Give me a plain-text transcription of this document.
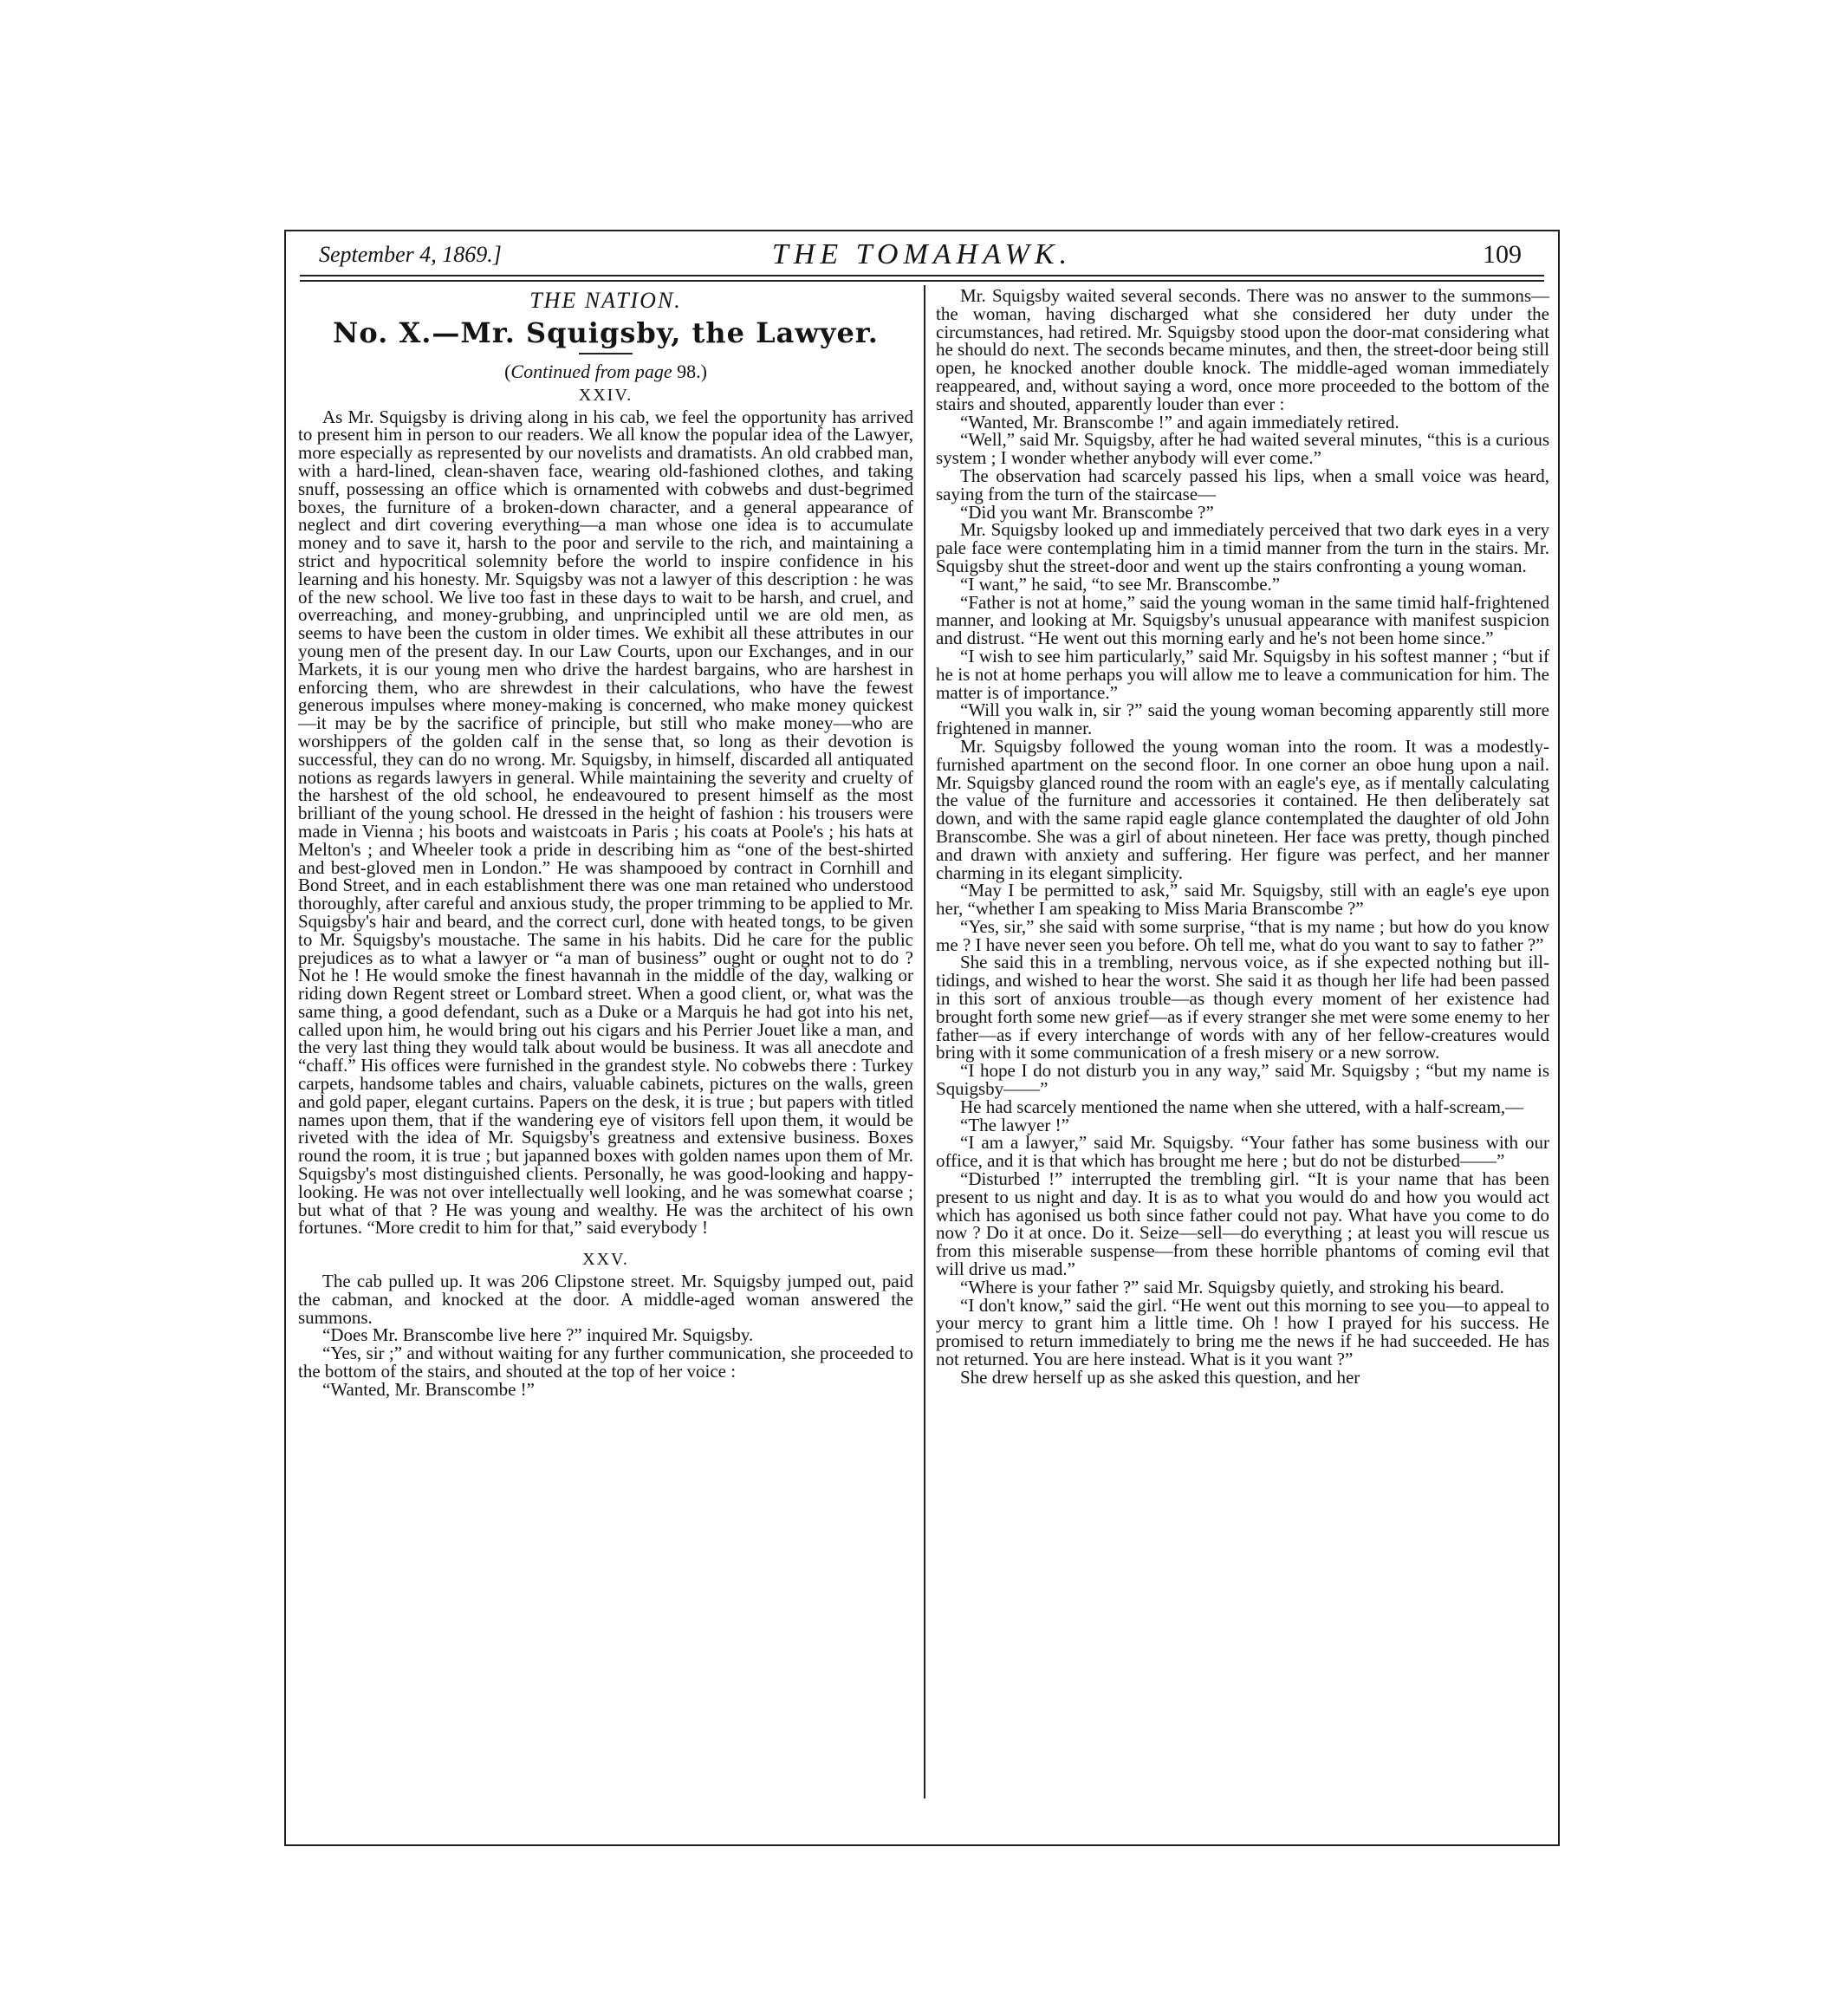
September 4, 1869.]	THE TOMAHAWK.	109
THE NATION.
No. X.—Mr. Squigsby, the Lawyer.
(Continued from page 98.)
XXIV.

As Mr. Squigsby is driving along in his cab, we feel the opportunity has arrived to present him in person to our readers. We all know the popular idea of the Lawyer, more especially as represented by our novelists and dramatists. An old crabbed man, with a hard-lined, clean-shaven face, wearing old-fashioned clothes, and taking snuff, possessing an office which is ornamented with cobwebs and dust-begrimed boxes, the furniture of a broken-down character, and a general appearance of neglect and dirt covering everything—a man whose one idea is to accumulate money and to save it, harsh to the poor and servile to the rich, and maintaining a strict and hypocritical solemnity before the world to inspire confidence in his learning and his honesty. Mr. Squigsby was not a lawyer of this description : he was of the new school. We live too fast in these days to wait to be harsh, and cruel, and overreaching, and money-grubbing, and unprincipled until we are old men, as seems to have been the custom in older times. We exhibit all these attributes in our young men of the present day. In our Law Courts, upon our Exchanges, and in our Markets, it is our young men who drive the hardest bargains, who are harshest in enforcing them, who are shrewdest in their calculations, who have the fewest generous impulses where money-making is concerned, who make money quickest—it may be by the sacrifice of principle, but still who make money—who are worshippers of the golden calf in the sense that, so long as their devotion is successful, they can do no wrong. Mr. Squigsby, in himself, discarded all antiquated notions as regards lawyers in general. While maintaining the severity and cruelty of the harshest of the old school, he endeavoured to present himself as the most brilliant of the young school. He dressed in the height of fashion : his trousers were made in Vienna ; his boots and waistcoats in Paris ; his coats at Poole's ; his hats at Melton's ; and Wheeler took a pride in describing him as “one of the best-shirted and best-gloved men in London.” He was shampooed by contract in Cornhill and Bond Street, and in each establishment there was one man retained who understood thoroughly, after careful and anxious study, the proper trimming to be applied to Mr. Squigsby's hair and beard, and the correct curl, done with heated tongs, to be given to Mr. Squigsby's moustache. The same in his habits. Did he care for the public prejudices as to what a lawyer or “a man of business” ought or ought not to do ? Not he ! He would smoke the finest havannah in the middle of the day, walking or riding down Regent street or Lombard street. When a good client, or, what was the same thing, a good defendant, such as a Duke or a Marquis he had got into his net, called upon him, he would bring out his cigars and his Perrier Jouet like a man, and the very last thing they would talk about would be business. It was all anecdote and “chaff.” His offices were furnished in the grandest style. No cobwebs there : Turkey carpets, handsome tables and chairs, valuable cabinets, pictures on the walls, green and gold paper, elegant curtains. Papers on the desk, it is true ; but papers with titled names upon them, that if the wandering eye of visitors fell upon them, it would be riveted with the idea of Mr. Squigsby's greatness and extensive business. Boxes round the room, it is true ; but japanned boxes with golden names upon them of Mr. Squigsby's most distinguished clients. Personally, he was good-looking and happy-looking. He was not over intellectually well looking, and he was somewhat coarse ; but what of that ? He was young and wealthy. He was the architect of his own fortunes. “More credit to him for that,” said everybody !

XXV.

The cab pulled up. It was 206 Clipstone street. Mr. Squigsby jumped out, paid the cabman, and knocked at the door. A middle-aged woman answered the summons.

“Does Mr. Branscombe live here ?” inquired Mr. Squigsby.

“Yes, sir ;” and without waiting for any further communication, she proceeded to the bottom of the stairs, and shouted at the top of her voice :

“Wanted, Mr. Branscombe !”

Mr. Squigsby waited several seconds. There was no answer to the summons—the woman, having discharged what she considered her duty under the circumstances, had retired. Mr. Squigsby stood upon the door-mat considering what he should do next. The seconds became minutes, and then, the street-door being still open, he knocked another double knock. The middle-aged woman immediately reappeared, and, without saying a word, once more proceeded to the bottom of the stairs and shouted, apparently louder than ever :

“Wanted, Mr. Branscombe !” and again immediately retired.

“Well,” said Mr. Squigsby, after he had waited several minutes, “this is a curious system ; I wonder whether anybody will ever come.”

The observation had scarcely passed his lips, when a small voice was heard, saying from the turn of the staircase—

“Did you want Mr. Branscombe ?”

Mr. Squigsby looked up and immediately perceived that two dark eyes in a very pale face were contemplating him in a timid manner from the turn in the stairs. Mr. Squigsby shut the street-door and went up the stairs confronting a young woman.

“I want,” he said, “to see Mr. Branscombe.”

“Father is not at home,” said the young woman in the same timid half-frightened manner, and looking at Mr. Squigsby's unusual appearance with manifest suspicion and distrust. “He went out this morning early and he's not been home since.”

“I wish to see him particularly,” said Mr. Squigsby in his softest manner ; “but if he is not at home perhaps you will allow me to leave a communication for him. The matter is of importance.”

“Will you walk in, sir ?” said the young woman becoming apparently still more frightened in manner.

Mr. Squigsby followed the young woman into the room. It was a modestly-furnished apartment on the second floor. In one corner an oboe hung upon a nail. Mr. Squigsby glanced round the room with an eagle's eye, as if mentally calculating the value of the furniture and accessories it contained. He then deliberately sat down, and with the same rapid eagle glance contemplated the daughter of old John Branscombe. She was a girl of about nineteen. Her face was pretty, though pinched and drawn with anxiety and suffering. Her figure was perfect, and her manner charming in its elegant simplicity.

“May I be permitted to ask,” said Mr. Squigsby, still with an eagle's eye upon her, “whether I am speaking to Miss Maria Branscombe ?”

“Yes, sir,” she said with some surprise, “that is my name ; but how do you know me ? I have never seen you before. Oh tell me, what do you want to say to father ?”

She said this in a trembling, nervous voice, as if she expected nothing but ill-tidings, and wished to hear the worst. She said it as though her life had been passed in this sort of anxious trouble—as though every moment of her existence had brought forth some new grief—as if every stranger she met were some enemy to her father—as if every interchange of words with any of her fellow-creatures would bring with it some communication of a fresh misery or a new sorrow.

“I hope I do not disturb you in any way,” said Mr. Squigsby ; “but my name is Squigsby——”

He had scarcely mentioned the name when she uttered, with a half-scream,—

“The lawyer !”

“I am a lawyer,” said Mr. Squigsby. “Your father has some business with our office, and it is that which has brought me here ; but do not be disturbed——”

“Disturbed !” interrupted the trembling girl. “It is your name that has been present to us night and day. It is as to what you would do and how you would act which has agonised us both since father could not pay. What have you come to do now ? Do it at once. Do it. Seize—sell—do everything ; at least you will rescue us from this miserable suspense—from these horrible phantoms of coming evil that will drive us mad.”

“Where is your father ?” said Mr. Squigsby quietly, and stroking his beard.

“I don't know,” said the girl. “He went out this morning to see you—to appeal to your mercy to grant him a little time. Oh ! how I prayed for his success. He promised to return immediately to bring me the news if he had succeeded. He has not returned. You are here instead. What is it you want ?”

She drew herself up as she asked this question, and her
